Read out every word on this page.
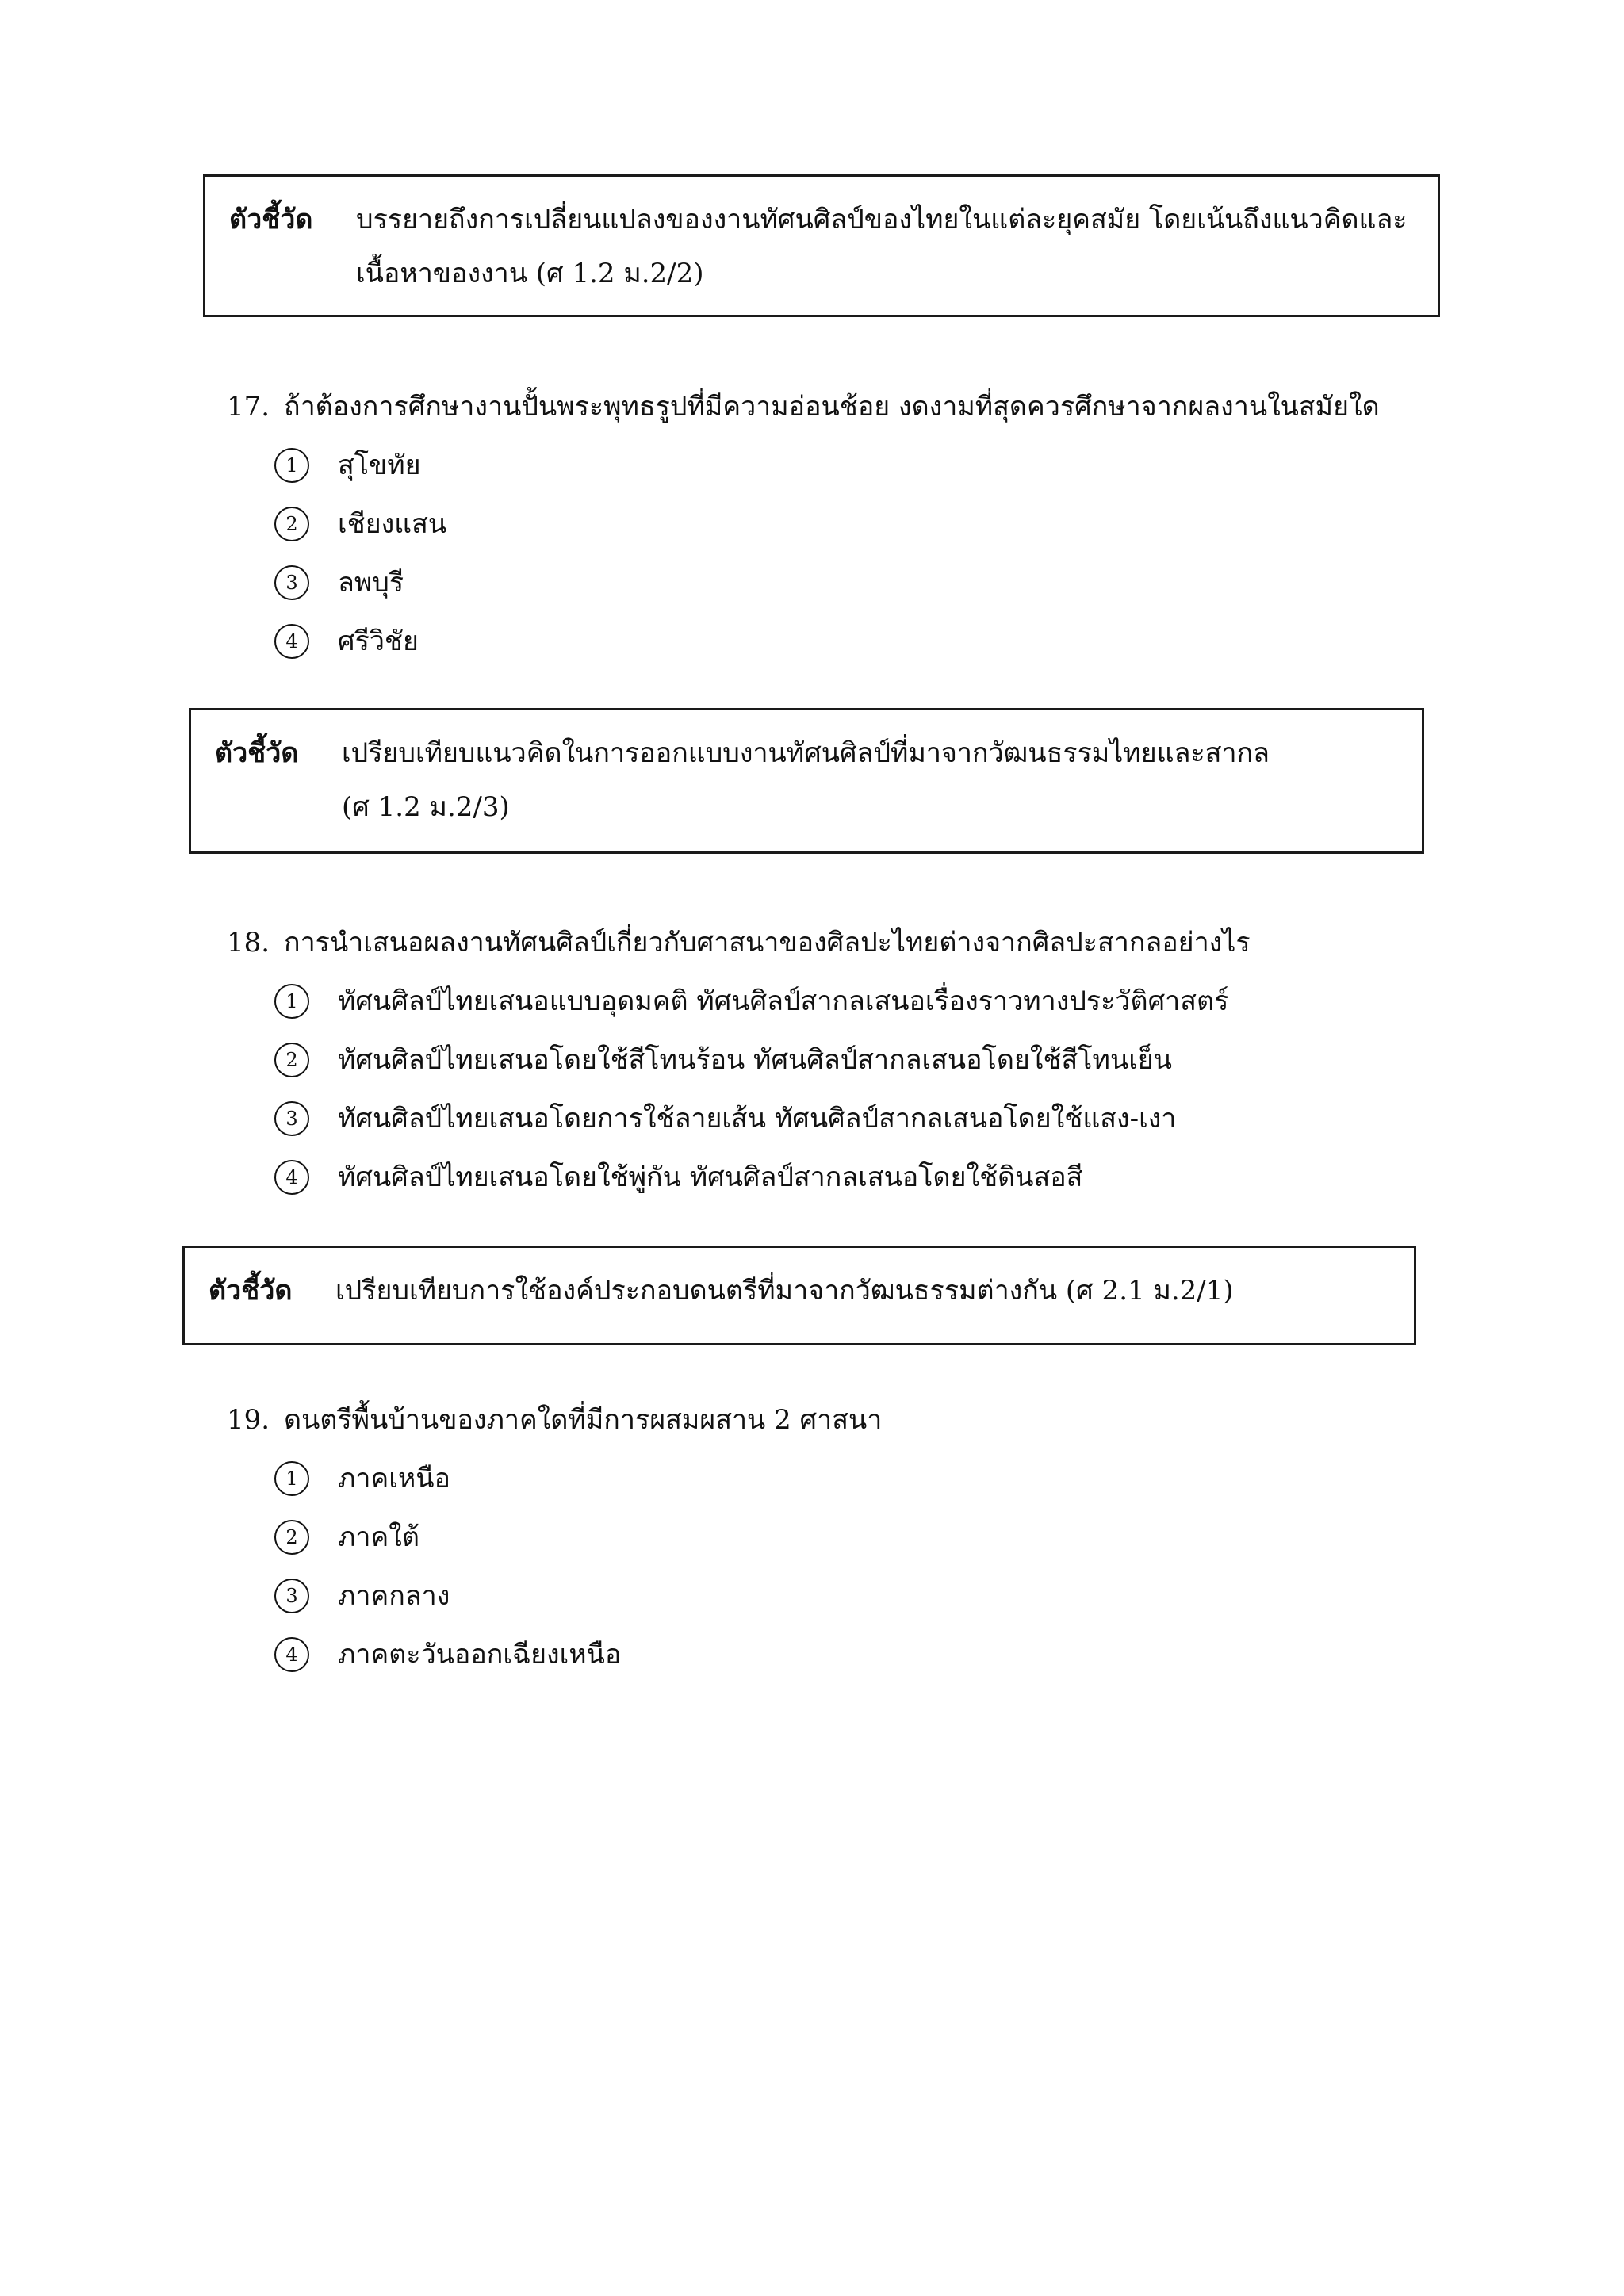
ตัวชี้วัด บรรยายถึงการเปลี่ยนแปลงของงานทัศนศิลป์ของไทยในแต่ละยุคสมัย โดยเน้นถึงแนวคิดและ
เนื้อหาของงาน (ศ 1.2 ม.2/2)
17. ถ้าต้องการศึกษางานปั้นพระพุทธรูปที่มีความอ่อนช้อย งดงามที่สุดควรศึกษาจากผลงานในสมัยใด
1	สุโขทัย
2	เชียงแสน
3	ลพบุรี
4	ศรีวิชัย
ตัวชี้วัด เปรียบเทียบแนวคิดในการออกแบบงานทัศนศิลป์ที่มาจากวัฒนธรรมไทยและสากล
(ศ 1.2 ม.2/3)
18. การนำเสนอผลงานทัศนศิลป์เกี่ยวกับศาสนาของศิลปะไทยต่างจากศิลปะสากลอย่างไร
1	ทัศนศิลป์ไทยเสนอแบบอุดมคติ ทัศนศิลป์สากลเสนอเรื่องราวทางประวัติศาสตร์
2	ทัศนศิลป์ไทยเสนอโดยใช้สีโทนร้อน ทัศนศิลป์สากลเสนอโดยใช้สีโทนเย็น
3	ทัศนศิลป์ไทยเสนอโดยการใช้ลายเส้น ทัศนศิลป์สากลเสนอโดยใช้แสง-เงา
4	ทัศนศิลป์ไทยเสนอโดยใช้พู่กัน ทัศนศิลป์สากลเสนอโดยใช้ดินสอสี
ตัวชี้วัด เปรียบเทียบการใช้องค์ประกอบดนตรีที่มาจากวัฒนธรรมต่างกัน (ศ 2.1 ม.2/1)
19. ดนตรีพื้นบ้านของภาคใดที่มีการผสมผสาน 2 ศาสนา
1	ภาคเหนือ
2	ภาคใต้
3	ภาคกลาง
4	ภาคตะวันออกเฉียงเหนือ
